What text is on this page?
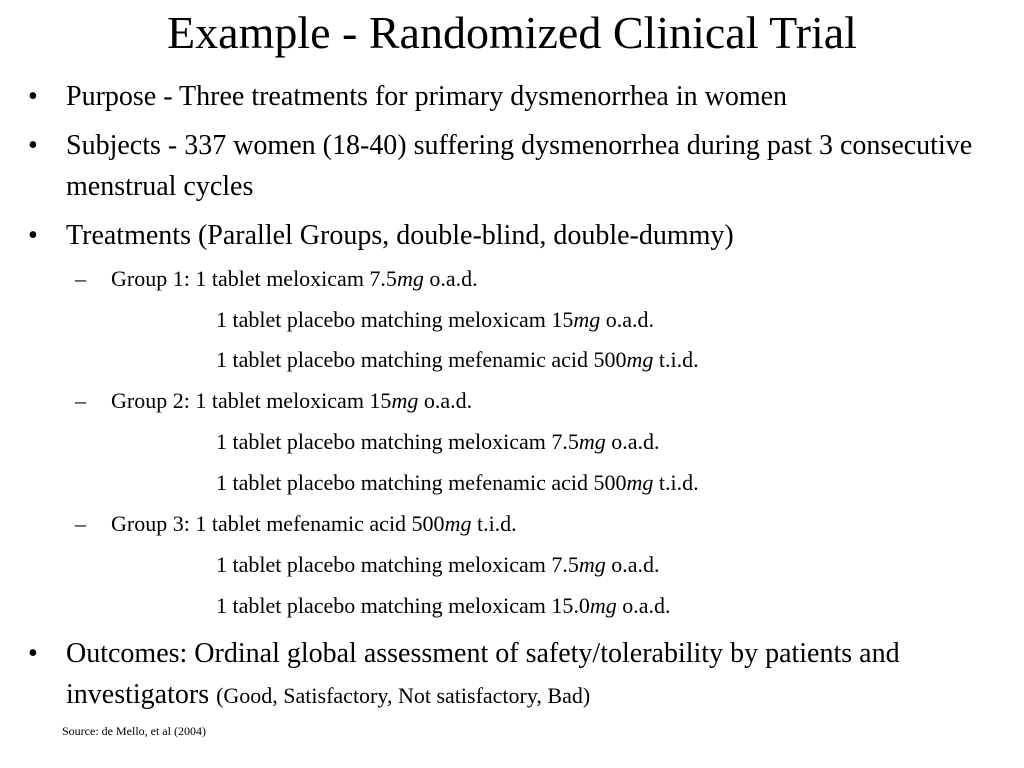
Example - Randomized Clinical Trial
• Purpose - Three treatments for primary dysmenorrhea in women
• Subjects - 337 women (18-40) suffering dysmenorrhea during past 3 consecutive menstrual cycles
• Treatments (Parallel Groups, double-blind, double-dummy)
– Group 1: 1 tablet meloxicam 7.5mg o.a.d.
1 tablet placebo matching meloxicam 15mg o.a.d.
1 tablet placebo matching mefenamic acid 500mg t.i.d.
– Group 2: 1 tablet meloxicam 15mg o.a.d.
1 tablet placebo matching meloxicam 7.5mg o.a.d.
1 tablet placebo matching mefenamic acid 500mg t.i.d.
– Group 3: 1 tablet mefenamic acid 500mg t.i.d.
1 tablet placebo matching meloxicam 7.5mg o.a.d.
1 tablet placebo matching meloxicam 15.0mg o.a.d.
• Outcomes: Ordinal global assessment of safety/tolerability by patients and investigators (Good, Satisfactory, Not satisfactory, Bad)
Source: de Mello, et al (2004)
